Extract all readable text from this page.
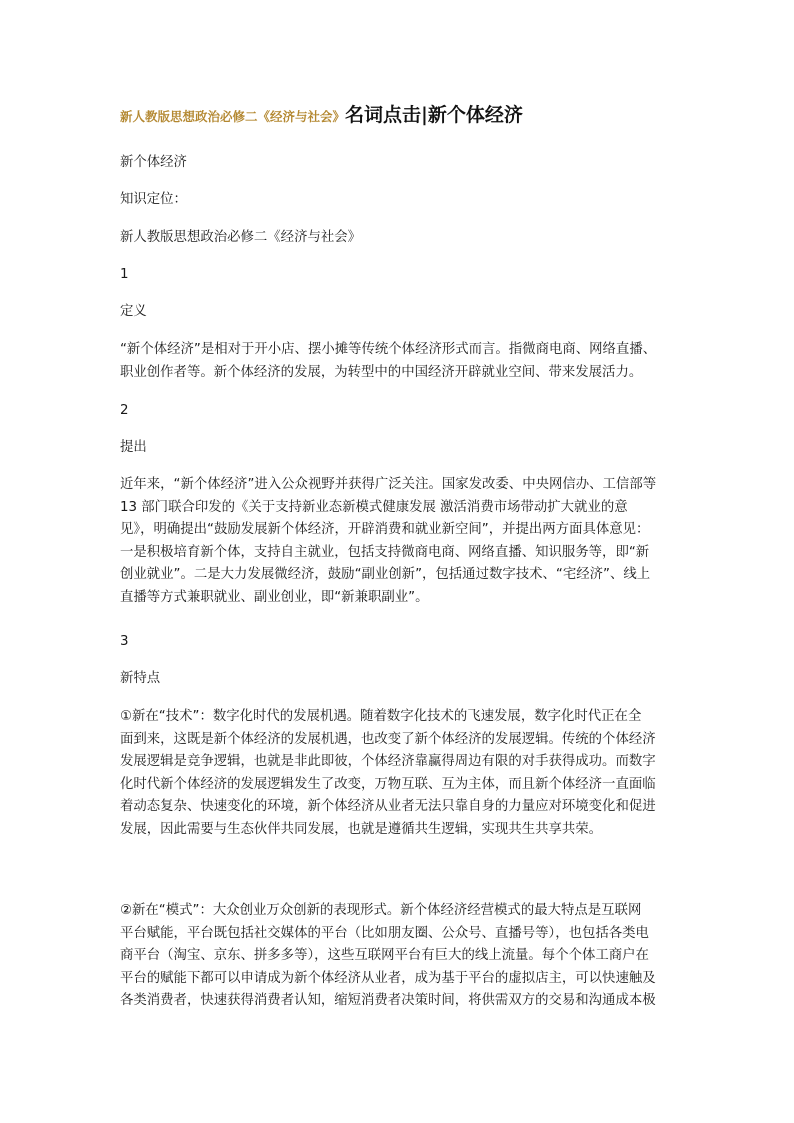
新人教版思想政治必修二《经济与社会》名词点击|新个体经济

新个体经济

知识定位：

新人教版思想政治必修二《经济与社会》

1

定义

“新个体经济”是相对于开小店、摆小摊等传统个体经济形式而言。指微商电商、网络直播、
职业创作者等。新个体经济的发展，为转型中的中国经济开辟就业空间、带来发展活力。

2

提出

近年来，“新个体经济”进入公众视野并获得广泛关注。国家发改委、中央网信办、工信部等
13 部门联合印发的《关于支持新业态新模式健康发展 激活消费市场带动扩大就业的意
见》，明确提出“鼓励发展新个体经济，开辟消费和就业新空间”，并提出两方面具体意见：
一是积极培育新个体，支持自主就业，包括支持微商电商、网络直播、知识服务等，即“新
创业就业”。二是大力发展微经济，鼓励“副业创新”，包括通过数字技术、“宅经济”、线上
直播等方式兼职就业、副业创业，即“新兼职副业”。

3

新特点

①新在“技术”：数字化时代的发展机遇。随着数字化技术的飞速发展，数字化时代正在全
面到来，这既是新个体经济的发展机遇，也改变了新个体经济的发展逻辑。传统的个体经济
发展逻辑是竞争逻辑，也就是非此即彼，个体经济靠赢得周边有限的对手获得成功。而数字
化时代新个体经济的发展逻辑发生了改变，万物互联、互为主体，而且新个体经济一直面临
着动态复杂、快速变化的环境，新个体经济从业者无法只靠自身的力量应对环境变化和促进
发展，因此需要与生态伙伴共同发展，也就是遵循共生逻辑，实现共生共享共荣。
②新在“模式”：大众创业万众创新的表现形式。新个体经济经营模式的最大特点是互联网
平台赋能，平台既包括社交媒体的平台（比如朋友圈、公众号、直播号等），也包括各类电
商平台（淘宝、京东、拼多多等），这些互联网平台有巨大的线上流量。每个个体工商户在
平台的赋能下都可以申请成为新个体经济从业者，成为基于平台的虚拟店主，可以快速触及
各类消费者，快速获得消费者认知，缩短消费者决策时间，将供需双方的交易和沟通成本极
